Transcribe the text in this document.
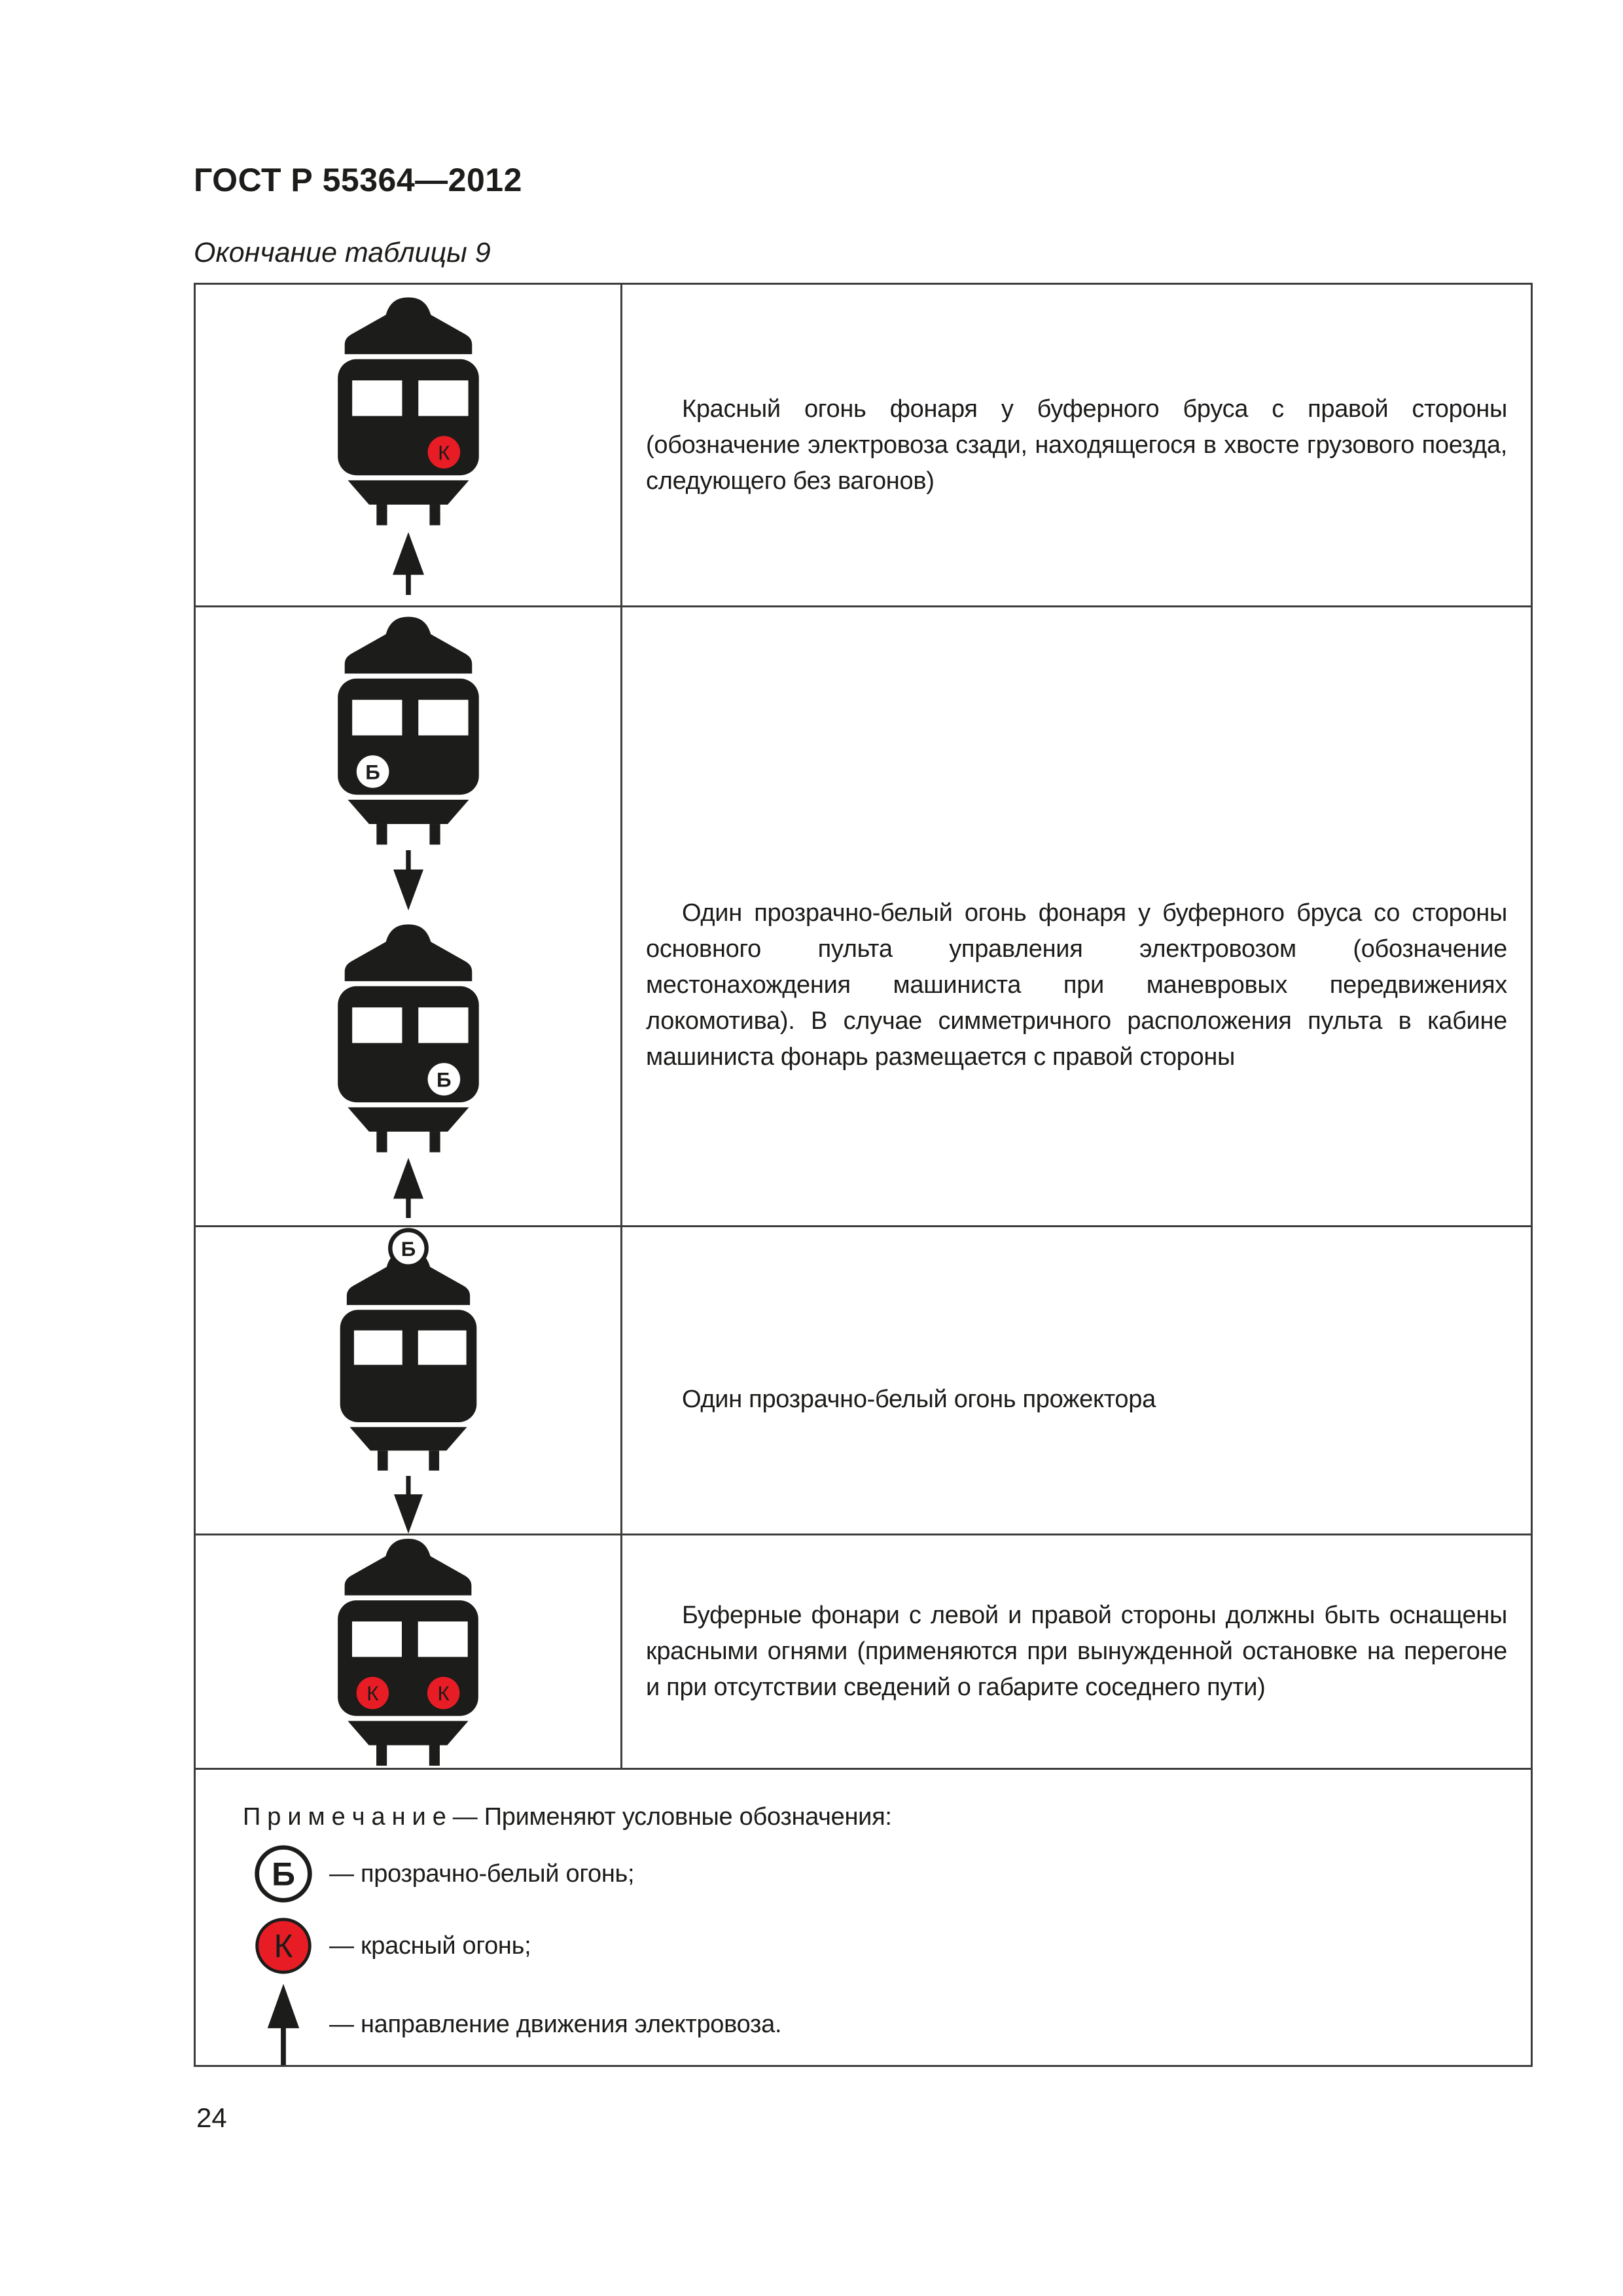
ГОСТ Р 55364—2012
Окончание таблицы 9
К

Красный огонь фонаря у буферного бруса с правой стороны (обозначение электровоза сзади, находящегося в хвосте грузового поезда, следующего без вагонов)

Б
Б

Один прозрачно-белый огонь фонаря у буферного бруса со стороны основного пульта управления электровозом (обозначение местонахождения машиниста при маневровых передвижениях локомотива). В случае симметричного расположения пульта в кабине машиниста фонарь размещается с правой стороны

Б

Один прозрачно-белый огонь прожектора

К	К

Буферные фонари с левой и правой стороны должны быть оснащены красными огнями (применяются при вынужденной остановке на перегоне и при отсутствии сведений о габарите соседнего пути)

П р и м е ч а н и е — Применяют условные обозначения:

Б — прозрачно-белый огонь;
К — красный огонь;
— направление движения электровоза.
24
